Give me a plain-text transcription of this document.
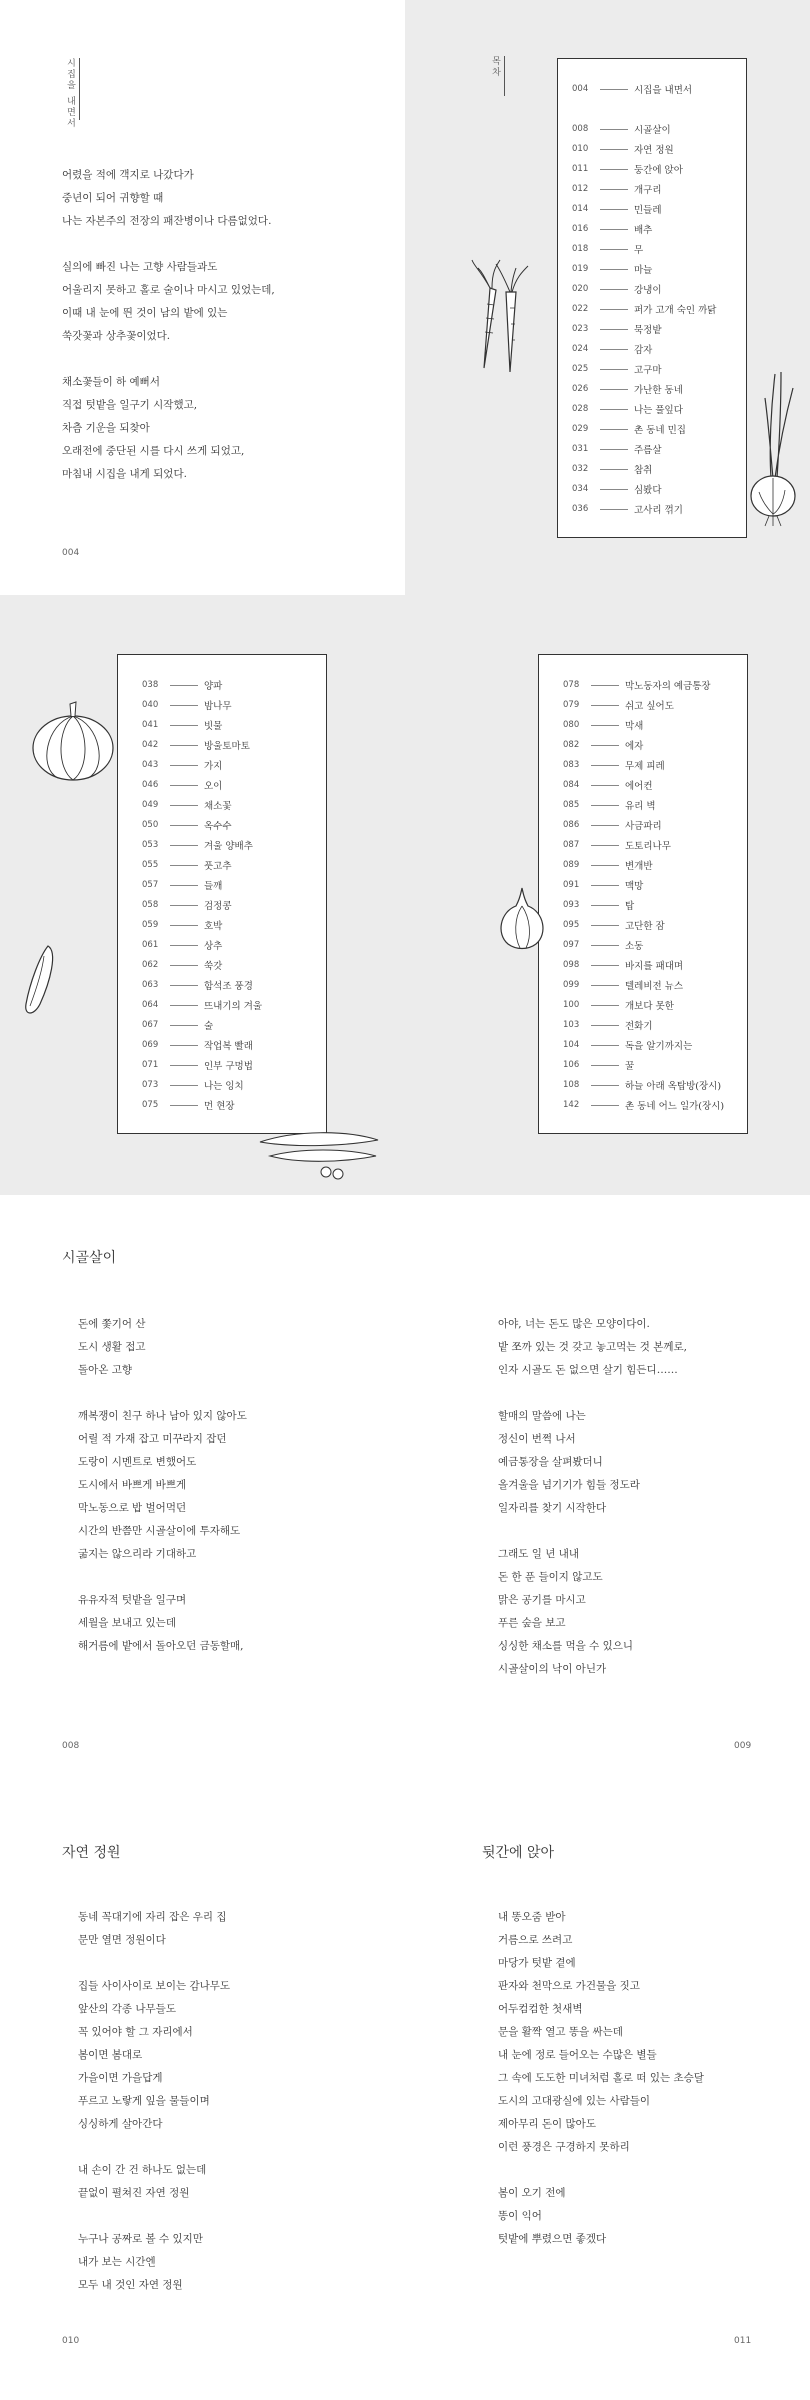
시집을 내면서

어렸을 적에 객지로 나갔다가

중년이 되어 귀향할 때

나는 자본주의 전장의 패잔병이나 다름없었다.

실의에 빠진 나는 고향 사람들과도

어울리지 못하고 홀로 술이나 마시고 있었는데,

이때 내 눈에 띈 것이 남의 밭에 있는

쑥갓꽃과 상추꽃이었다.

채소꽃들이 하 예뻐서

직접 텃밭을 일구기 시작했고,

차츰 기운을 되찾아

오래전에 중단된 시를 다시 쓰게 되었고,

마침내 시집을 내게 되었다.

004
목차
004	시집을 내면서
008	시골살이
010	자연 정원
011	둥간에 앉아
012	개구리
014	민들레
016	배추
018	무
019	마늘
020	강냉이
022	퍼가 고개 숙인 까닭
023	묵정밭
024	감자
025	고구마
026	가난한 동네
028	나는 풀잎다
029	촌 동네 민집
031	주름살
032	참취
034	심봤다
036	고사리 꺾기
038	양파
040	밤나무
041	빗물
042	방울토마토
043	가지
046	오이
049	채소꽃
050	옥수수
053	겨울 양배추
055	풋고추
057	들깨
058	검정콩
059	호박
061	상추
062	쑥갓
063	함석조 풍경
064	뜨내기의 겨울
067	술
069	작업복 빨래
071	인부 구멍법
073	나는 잉치
075	먼 현장
078	막노동자의 예금통장
079	쉬고 싶어도
080	막새
082	에자
083	무제 피레
084	에어컨
085	유리 벽
086	사금파리
087	도토리나무
089	변개반
091	맥망
093	탑
095	고단한 잠
097	소동
098	바지를 패대며
099	텔레비전 뉴스
100	개보다 못한
103	전화기
104	독을 알기까지는
106	꿀
108	하늘 아래 옥탑방(장시)
142	촌 동네 어느 일가(장시)
시골살이

돈에 쫓기어 산

도시 생활 접고

돌아온 고향

깨복쟁이 친구 하나 남아 있지 않아도

어릴 적 가재 잡고 미꾸라지 잡던

도랑이 시멘트로 변했어도

도시에서 바쁘게 바쁘게

막노동으로 밥 벌어먹던

시간의 반쯤만 시골살이에 투자해도

굶지는 않으리라 기대하고

유유자적 텃밭을 일구며

세월을 보내고 있는데

해거름에 밭에서 돌아오던 금동할매,

아야, 너는 돈도 많은 모양이다이.

밭 쪼까 있는 것 갖고 놓고먹는 것 본께로,

인자 시골도 돈 없으면 살기 힘든디……

할매의 말씀에 나는

정신이 번쩍 나서

예금통장을 살펴봤더니

올겨울을 넘기기가 힘들 정도라

일자리를 찾기 시작한다

그래도 일 년 내내

돈 한 푼 들이지 않고도

맑은 공기를 마시고

푸른 숲을 보고

싱싱한 채소를 먹을 수 있으니

시골살이의 낙이 아닌가

008	009
자연 정원	뒷간에 앉아

동네 꼭대기에 자리 잡은 우리 집

문만 열면 정원이다

집들 사이사이로 보이는 감나무도

앞산의 각종 나무들도

꼭 있어야 할 그 자리에서

봄이면 봄대로

가을이면 가을답게

푸르고 노랗게 잎을 물들이며

싱싱하게 살아간다

내 손이 간 건 하나도 없는데

끝없이 펼쳐진 자연 정원

누구나 공짜로 볼 수 있지만

내가 보는 시간엔

모두 내 것인 자연 정원

내 똥오줌 받아

거름으로 쓰려고

마당가 텃밭 곁에

판자와 천막으로 가건물을 짓고

어두컴컴한 첫새벽

문을 활짝 열고 똥을 싸는데

내 눈에 정로 들어오는 수많은 별들

그 속에 도도한 미녀처럼 홀로 떠 있는 초승달

도시의 고대광실에 있는 사람들이

제아무리 돈이 많아도

이런 풍경은 구경하지 못하리

봄이 오기 전에

똥이 익어

텃밭에 뿌렸으면 좋겠다

010	011
